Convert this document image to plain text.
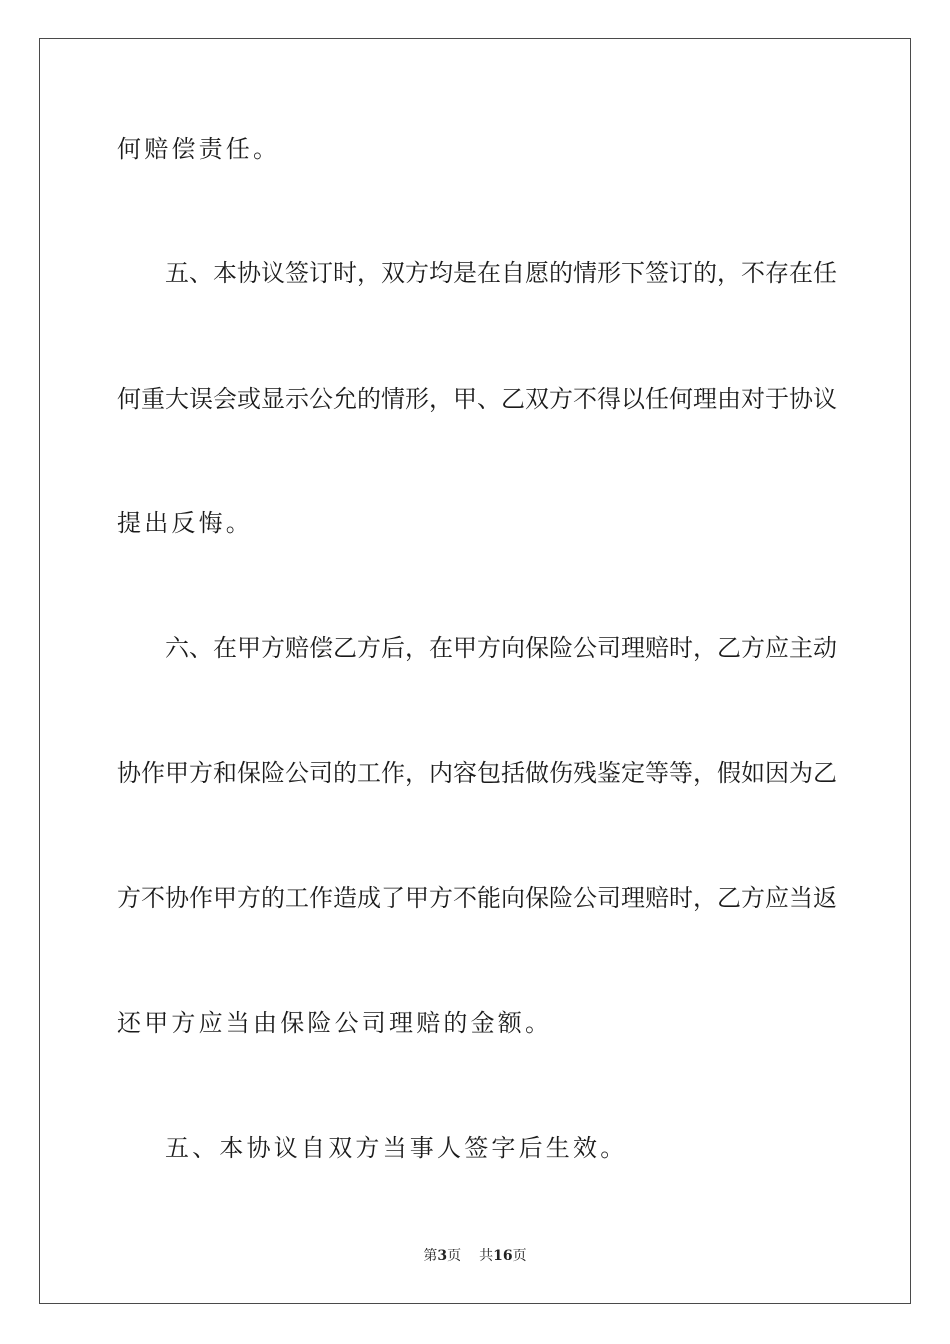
何赔偿责任。
五、本协议签订时，双方均是在自愿的情形下签订的，不存在任
何重大误会或显示公允的情形，甲、乙双方不得以任何理由对于协议
提出反悔。
六、在甲方赔偿乙方后，在甲方向保险公司理赔时，乙方应主动
协作甲方和保险公司的工作，内容包括做伤残鉴定等等，假如因为乙
方不协作甲方的工作造成了甲方不能向保险公司理赔时，乙方应当返
还甲方应当由保险公司理赔的金额。
五、本协议自双方当事人签字后生效。
第3页 共16页
